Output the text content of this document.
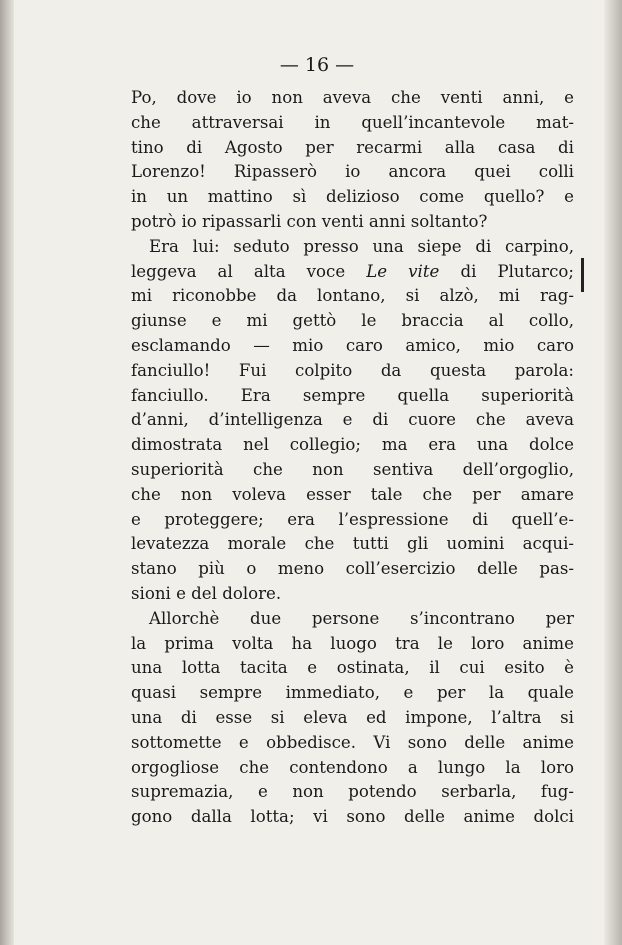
— 16 —

Po, dove io non aveva che venti anni, e

che attraversai in quell’incantevole mat-

tino di Agosto per recarmi alla casa di

Lorenzo! Ripasserò io ancora quei colli

in un mattino sì delizioso come quello? e

potrò io ripassarli con venti anni soltanto?

Era lui: seduto presso una siepe di carpino,

leggeva al alta voce Le vite di Plutarco;

mi riconobbe da lontano, si alzò, mi rag-

giunse e mi gettò le braccia al collo,

esclamando — mio caro amico, mio caro

fanciullo! Fui colpito da questa parola:

fanciullo. Era sempre quella superiorità

d’anni, d’intelligenza e di cuore che aveva

dimostrata nel collegio; ma era una dolce

superiorità che non sentiva dell’orgoglio,

che non voleva esser tale che per amare

e proteggere; era l’espressione di quell’e-

levatezza morale che tutti gli uomini acqui-

stano più o meno coll’esercizio delle pas-

sioni e del dolore.

Allorchè due persone s’incontrano per

la prima volta ha luogo tra le loro anime

una lotta tacita e ostinata, il cui esito è

quasi sempre immediato, e per la quale

una di esse si eleva ed impone, l’altra si

sottomette e obbedisce. Vi sono delle anime

orgogliose che contendono a lungo la loro

supremazia, e non potendo serbarla, fug-

gono dalla lotta; vi sono delle anime dolci
